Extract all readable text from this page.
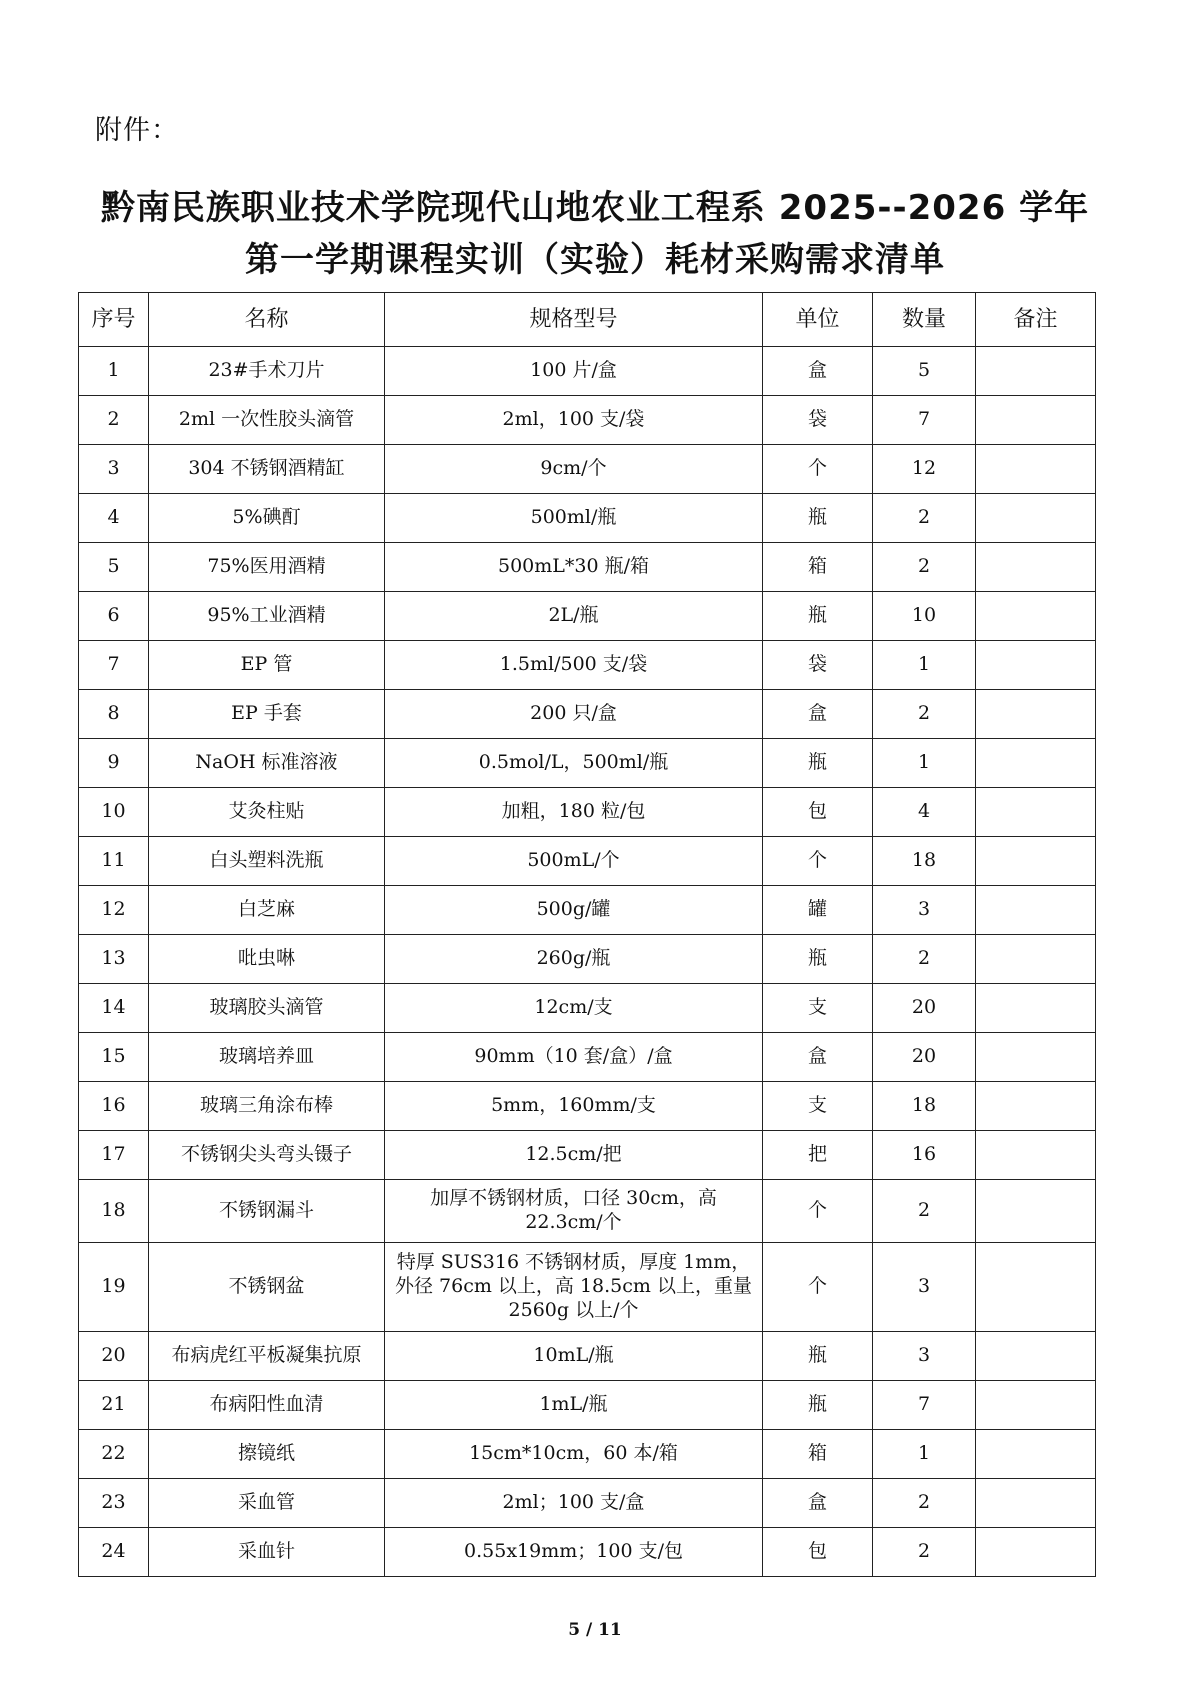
附件：
黔南民族职业技术学院现代山地农业工程系 2025--2026 学年
第一学期课程实训（实验）耗材采购需求清单
序号	名称	规格型号	单位	数量	备注
1	23#手术刀片	100 片/盒	盒	5	
2	2ml 一次性胶头滴管	2ml，100 支/袋	袋	7	
3	304 不锈钢酒精缸	9cm/个	个	12	
4	5%碘酊	500ml/瓶	瓶	2	
5	75%医用酒精	500mL*30 瓶/箱	箱	2	
6	95%工业酒精	2L/瓶	瓶	10	
7	EP 管	1.5ml/500 支/袋	袋	1	
8	EP 手套	200 只/盒	盒	2	
9	NaOH 标准溶液	0.5mol/L，500ml/瓶	瓶	1	
10	艾灸柱贴	加粗，180 粒/包	包	4	
11	白头塑料洗瓶	500mL/个	个	18	
12	白芝麻	500g/罐	罐	3	
13	吡虫啉	260g/瓶	瓶	2	
14	玻璃胶头滴管	12cm/支	支	20	
15	玻璃培养皿	90mm（10 套/盒）/盒	盒	20	
16	玻璃三角涂布棒	5mm，160mm/支	支	18	
17	不锈钢尖头弯头镊子	12.5cm/把	把	16	
18	不锈钢漏斗	加厚不锈钢材质，口径 30cm，高 22.3cm/个	个	2	
19	不锈钢盆	特厚 SUS316 不锈钢材质，厚度 1mm，外径 76cm 以上，高 18.5cm 以上，重量 2560g 以上/个	个	3	
20	布病虎红平板凝集抗原	10mL/瓶	瓶	3	
21	布病阳性血清	1mL/瓶	瓶	7	
22	擦镜纸	15cm*10cm，60 本/箱	箱	1	
23	采血管	2ml；100 支/盒	盒	2	
24	采血针	0.55x19mm；100 支/包	包	2	
5 / 11
